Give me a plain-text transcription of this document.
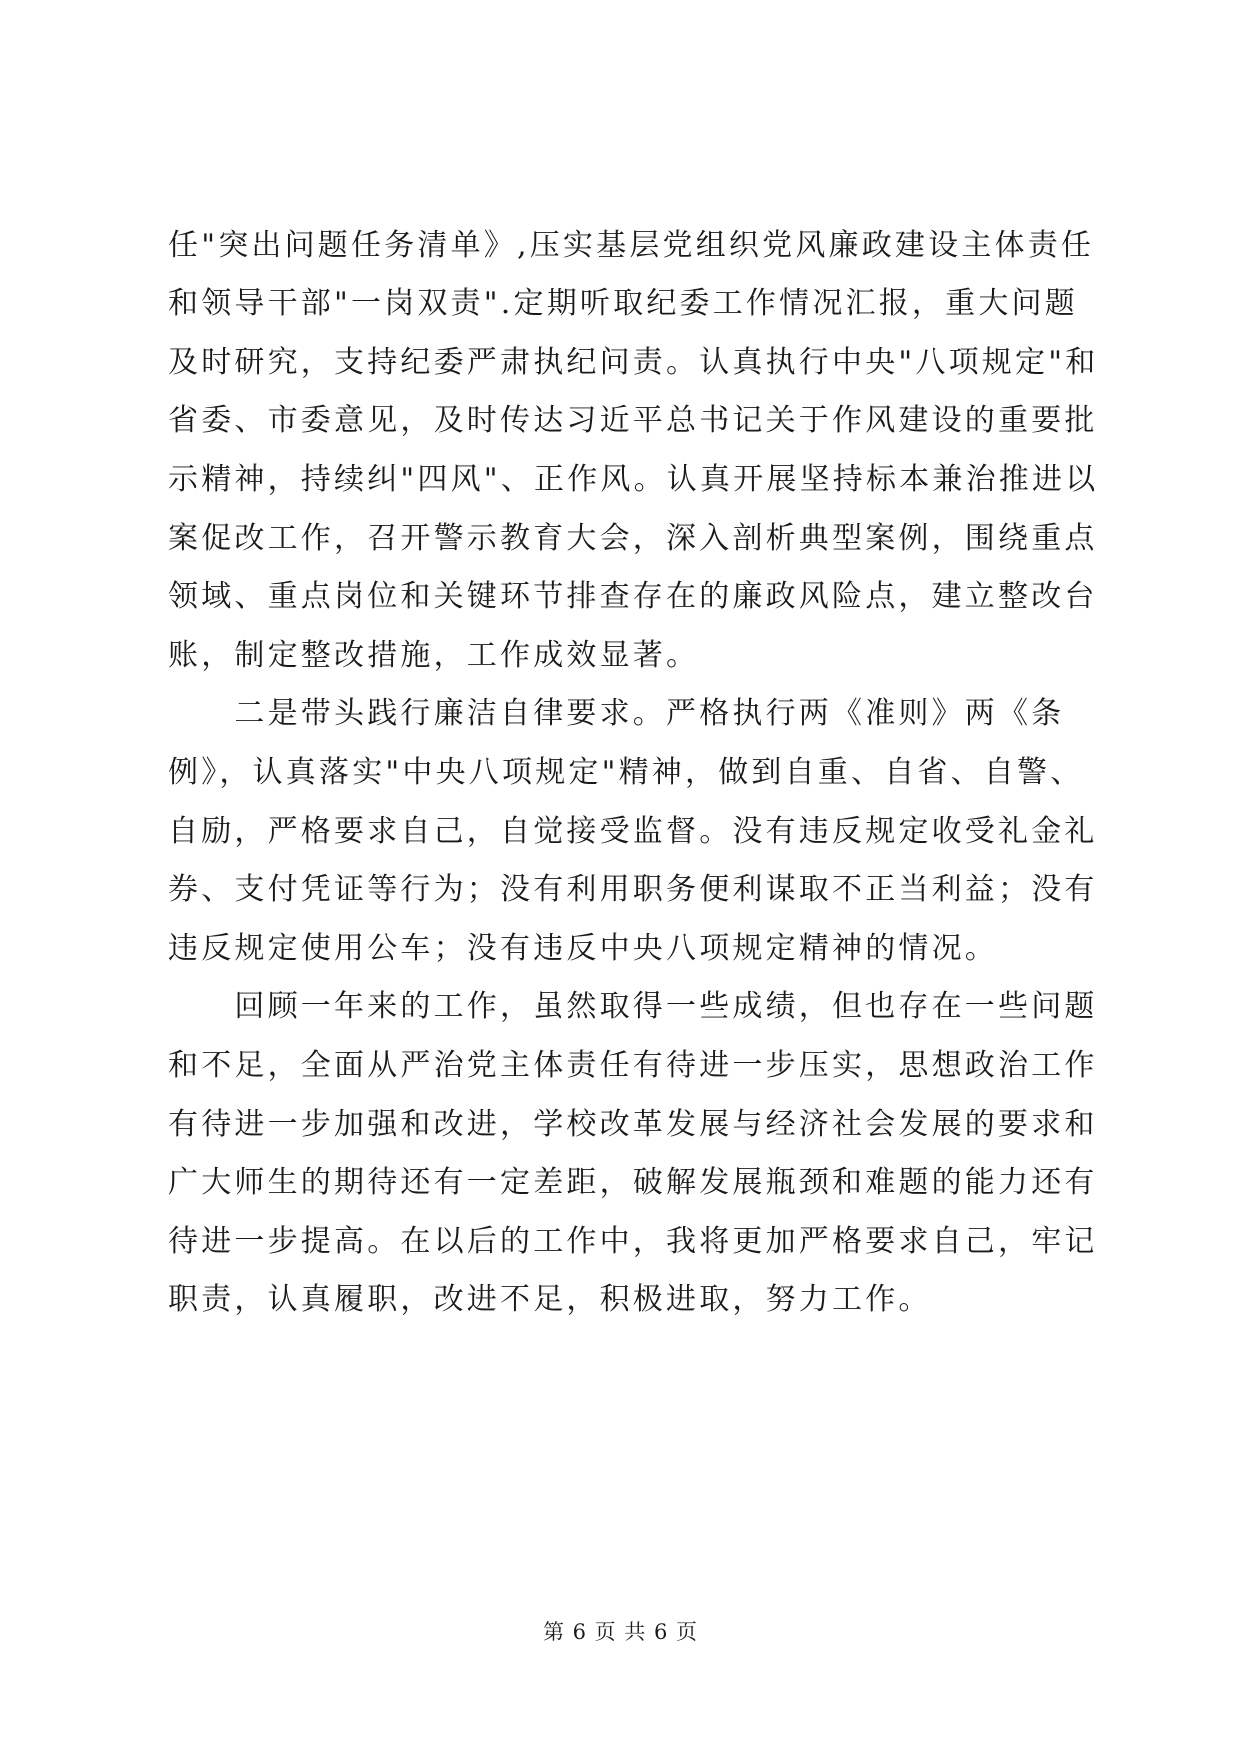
任"突出问题任务清单》,压实基层党组织党风廉政建设主体责任
和领导干部"一岗双责".定期听取纪委工作情况汇报，重大问题
及时研究，支持纪委严肃执纪问责。认真执行中央"八项规定"和
省委、市委意见，及时传达习近平总书记关于作风建设的重要批
示精神，持续纠"四风"、正作风。认真开展坚持标本兼治推进以
案促改工作，召开警示教育大会，深入剖析典型案例，围绕重点
领域、重点岗位和关键环节排查存在的廉政风险点，建立整改台
账，制定整改措施，工作成效显著。
　　二是带头践行廉洁自律要求。严格执行两《准则》两《条
例》，认真落实"中央八项规定"精神，做到自重、自省、自警、
自励，严格要求自己，自觉接受监督。没有违反规定收受礼金礼
券、支付凭证等行为；没有利用职务便利谋取不正当利益；没有
违反规定使用公车；没有违反中央八项规定精神的情况。
　　回顾一年来的工作，虽然取得一些成绩，但也存在一些问题
和不足，全面从严治党主体责任有待进一步压实，思想政治工作
有待进一步加强和改进，学校改革发展与经济社会发展的要求和
广大师生的期待还有一定差距，破解发展瓶颈和难题的能力还有
待进一步提高。在以后的工作中，我将更加严格要求自己，牢记
职责，认真履职，改进不足，积极进取，努力工作。
第 6 页 共 6 页
